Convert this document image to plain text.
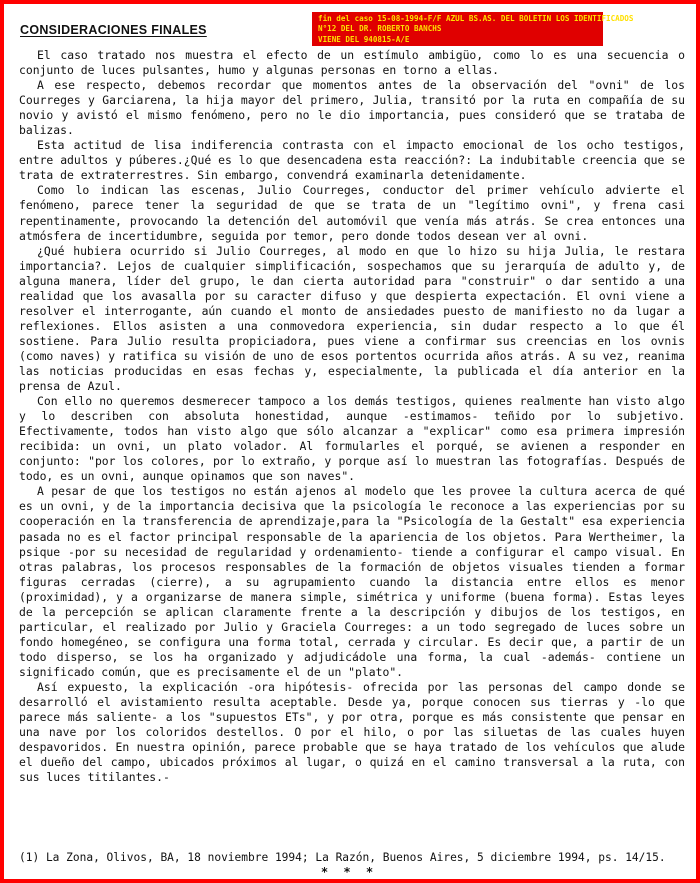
fin del caso 15-08-1994-F/F AZUL BS.AS. DEL BOLETIN LOS IDENTIFICADOS
N°12 DEL DR. ROBERTO BANCHS
VIENE DEL 940815-A/E
CONSIDERACIONES FINALES

El caso tratado nos muestra el efecto de un estímulo ambigüo, como lo es una secuencia o conjunto de luces pulsantes, humo y algunas personas en torno a ellas.

A ese respecto, debemos recordar que momentos antes de la observación del "ovni" de los Courreges y Garciarena, la hija mayor del primero, Julia, transitó por la ruta en compañía de su novio y avistó el mismo fenómeno, pero no le dio importancia, pues consideró que se trataba de balizas.

Esta actitud de lisa indiferencia contrasta con el impacto emocional de los ocho testigos, entre adultos y púberes.¿Qué es lo que desencadena esta reacción?: La indubitable creencia que se trata de extraterrestres. Sin embargo, convendrá examinarla detenidamente.

Como lo indican las escenas, Julio Courreges, conductor del primer vehículo advierte el fenómeno, parece tener la seguridad de que se trata de un "legítimo ovni", y frena casi repentinamente, provocando la detención del automóvil que venía más atrás. Se crea entonces una atmósfera de incertidumbre, seguida por temor, pero donde todos desean ver al ovni.

¿Qué hubiera ocurrido si Julio Courreges, al modo en que lo hizo su hija Julia, le restara importancia?. Lejos de cualquier simplificación, sospechamos que su jerarquía de adulto y, de alguna manera, líder del grupo, le dan cierta autoridad para "construir" o dar sentido a una realidad que los avasalla por su caracter difuso y que despierta expectación. El ovni viene a resolver el interrogante, aún cuando el monto de ansiedades puesto de manifiesto no da lugar a reflexiones. Ellos asisten a una conmovedora experiencia, sin dudar respecto a lo que él sostiene. Para Julio resulta propiciadora, pues viene a confirmar sus creencias en los ovnis (como naves) y ratifica su visión de uno de esos portentos ocurrida años atrás. A su vez, reanima las noticias producidas en esas fechas y, especialmente, la publicada el día anterior en la prensa de Azul.

Con ello no queremos desmerecer tampoco a los demás testigos, quienes realmente han visto algo y lo describen con absoluta honestidad, aunque -estimamos- teñido por lo subjetivo. Efectivamente, todos han visto algo que sólo alcanzar a "explicar" como esa primera impresión recibida: un ovni, un plato volador. Al formularles el porqué, se avienen a responder en conjunto: "por los colores, por lo extraño, y porque así lo muestran las fotografías. Después de todo, es un ovni, aunque opinamos que son naves".

A pesar de que los testigos no están ajenos al modelo que les provee la cultura acerca de qué es un ovni, y de la importancia decisiva que la psicología le reconoce a las experiencias por su cooperación en la transferencia de aprendizaje,para la "Psicología de la Gestalt" esa experiencia pasada no es el factor principal responsable de la apariencia de los objetos. Para Wertheimer, la psique -por su necesidad de regularidad y ordenamiento- tiende a configurar el campo visual. En otras palabras, los procesos responsables de la formación de objetos visuales tienden a formar figuras cerradas (cierre), a su agrupamiento cuando la distancia entre ellos es menor (proximidad), y a organizarse de manera simple, simétrica y uniforme (buena forma). Estas leyes de la percepción se aplican claramente frente a la descripción y dibujos de los testigos, en particular, el realizado por Julio y Graciela Courreges: a un todo segregado de luces sobre un fondo homegéneo, se configura una forma total, cerrada y circular. Es decir que, a partir de un todo disperso, se los ha organizado y adjudicádole una forma, la cual -además- contiene un significado común, que es precisamente el de un "plato".

Así expuesto, la explicación -ora hipótesis- ofrecida por las personas del campo donde se desarrolló el avistamiento resulta aceptable. Desde ya, porque conocen sus tierras y -lo que parece más saliente- a los "supuestos ETs", y por otra, porque es más consistente que pensar en una nave por los coloridos destellos. O por el hilo, o por las siluetas de las cuales huyen despavoridos. En nuestra opinión, parece probable que se haya tratado de los vehículos que alude el dueño del campo, ubicados próximos al lugar, o quizá en el camino transversal a la ruta, con sus luces titilantes.-

(1) La Zona, Olivos, BA, 18 noviembre 1994; La Razón, Buenos Aires, 5 diciembre 1994, ps. 14/15.

* * *
